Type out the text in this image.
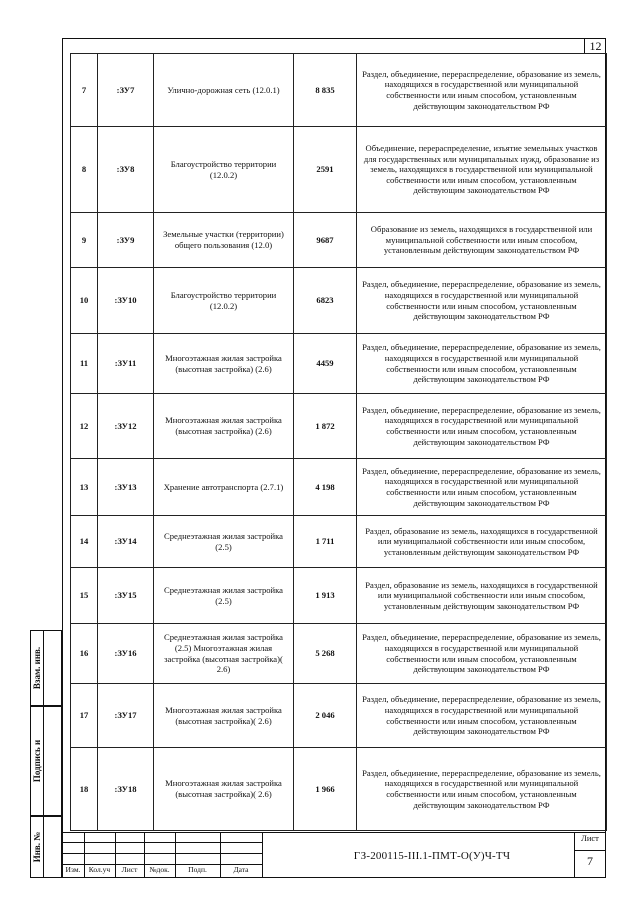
12
7	:ЗУ7	Улично-дорожная сеть (12.0.1)	8 835	Раздел, объединение, перераспределение, образование из земель, находящихся в государственной или муниципальной собственности или иным способом, установленным действующим законодательством РФ
8	:ЗУ8	Благоустройство территории (12.0.2)	2591	Объединение, перераспределение, изъятие земельных участков для государственных или муниципальных нужд, образование из земель, находящихся в государственной или муниципальной собственности или иным способом, установленным действующим законодательством РФ
9	:ЗУ9	Земельные участки (территории) общего пользования (12.0)	9687	Образование из земель, находящихся в государственной или муниципальной собственности или иным способом, установленным действующим законодательством РФ
10	:ЗУ10	Благоустройство территории (12.0.2)	6823	Раздел, объединение, перераспределение, образование из земель, находящихся в государственной или муниципальной собственности или иным способом, установленным действующим законодательством РФ
11	:ЗУ11	Многоэтажная жилая застройка (высотная застройка) (2.6)	4459	Раздел, объединение, перераспределение, образование из земель, находящихся в государственной или муниципальной собственности или иным способом, установленным действующим законодательством РФ
12	:ЗУ12	Многоэтажная жилая застройка (высотная застройка) (2.6)	1 872	Раздел, объединение, перераспределение, образование из земель, находящихся в государственной или муниципальной собственности или иным способом, установленным действующим законодательством РФ
13	:ЗУ13	Хранение автотранспорта (2.7.1)	4 198	Раздел, объединение, перераспределение, образование из земель, находящихся в государственной или муниципальной собственности или иным способом, установленным действующим законодательством РФ
14	:ЗУ14	Среднеэтажная жилая застройка (2.5)	1 711	Раздел, образование из земель, находящихся в государственной или муниципальной собственности или иным способом, установленным действующим законодательством РФ
15	:ЗУ15	Среднеэтажная жилая застройка (2.5)	1 913	Раздел, образование из земель, находящихся в государственной или муниципальной собственности или иным способом, установленным действующим законодательством РФ
16	:ЗУ16	Среднеэтажная жилая застройка (2.5) Многоэтажная жилая застройка (высотная застройка)( 2.6)	5 268	Раздел, объединение, перераспределение, образование из земель, находящихся в государственной или муниципальной собственности или иным способом, установленным действующим законодательством РФ
17	:ЗУ17	Многоэтажная жилая застройка (высотная застройка)( 2.6)	2 046	Раздел, объединение, перераспределение, образование из земель, находящихся в государственной или муниципальной собственности или иным способом, установленным действующим законодательством РФ
18	:ЗУ18	Многоэтажная жилая застройка (высотная застройка)( 2.6)	1 966	Раздел, объединение, перераспределение, образование из земель, находящихся в государственной или муниципальной собственности или иным способом, установленным действующим законодательством РФ
Взам. инв.
Подпись и
Инв. №
Изм.	Кол.уч	Лист	№док.	Подп.	Дата
ГЗ-200115-III.1-ПМТ-О(У)Ч-ТЧ
Лист
7
